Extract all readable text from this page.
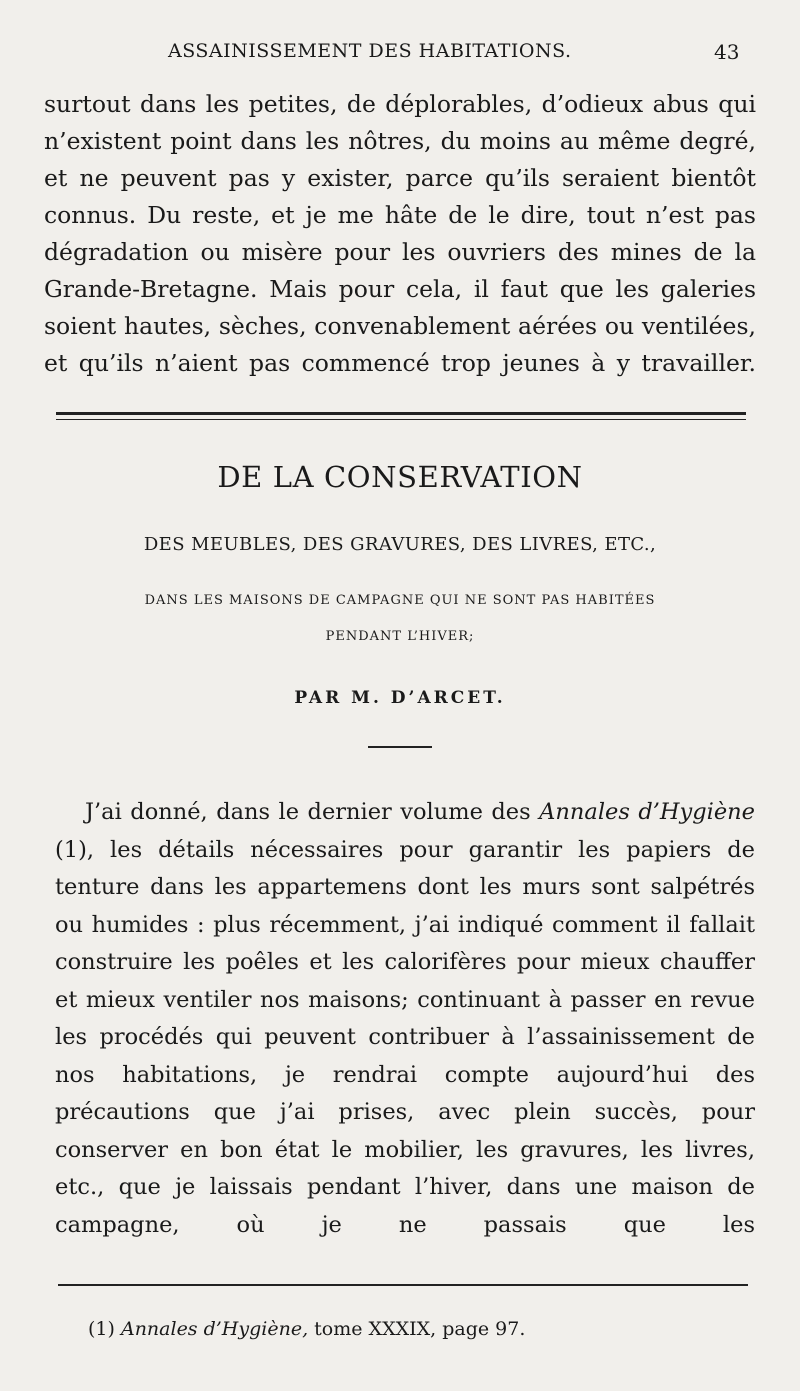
ASSAINISSEMENT DES HABITATIONS.	43

surtout dans les petites, de déplorables, d’odieux abus qui n’existent point dans les nôtres, du moins au même degré, et ne peuvent pas y exister, parce qu’ils seraient bientôt connus. Du reste, et je me hâte de le dire, tout n’est pas dégradation ou misère pour les ouvriers des mines de la Grande-Bretagne. Mais pour cela, il faut que les galeries soient hautes, sèches, convenablement aérées ou ventilées, et qu’ils n’aient pas commencé trop jeunes à y travailler.

DE LA CONSERVATION
DES MEUBLES, DES GRAVURES, DES LIVRES, ETC.,
DANS LES MAISONS DE CAMPAGNE QUI NE SONT PAS HABITÉES
PENDANT L’HIVER;
PAR M. D’ARCET.

J’ai donné, dans le dernier volume des Annales d’Hygiène (1), les détails nécessaires pour garantir les papiers de tenture dans les appartemens dont les murs sont salpétrés ou humides : plus récemment, j’ai indiqué comment il fallait construire les poêles et les calorifères pour mieux chauffer et mieux ventiler nos maisons; continuant à passer en revue les procédés qui peuvent contribuer à l’assainissement de nos habitations, je rendrai compte aujourd’hui des précautions que j’ai prises, avec plein succès, pour conserver en bon état le mobilier, les gravures, les livres, etc., que je laissais pendant l’hiver, dans une maison de campagne, où je ne passais que les

(1) Annales d’Hygiène, tome XXXIX, page 97.
